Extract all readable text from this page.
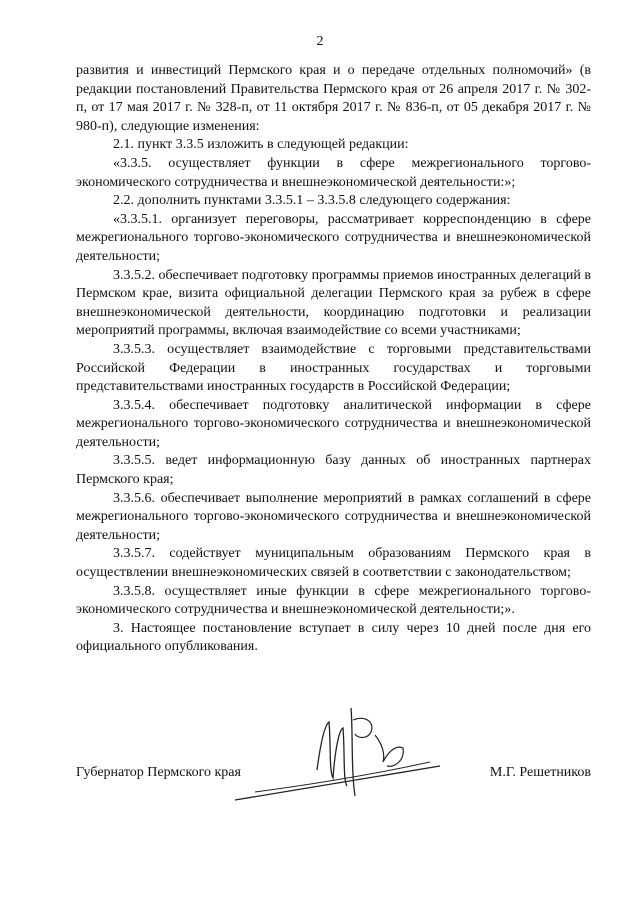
2

развития и инвестиций Пермского края и о передаче отдельных полномочий» (в редакции постановлений Правительства Пермского края от 26 апреля 2017 г. № 302-п, от 17 мая 2017 г. № 328-п, от 11 октября 2017 г. № 836-п, от 05 декабря 2017 г. № 980-п), следующие изменения:

2.1. пункт 3.3.5 изложить в следующей редакции:

«3.3.5. осуществляет функции в сфере межрегионального торгово-экономического сотрудничества и внешнеэкономической деятельности:»;

2.2. дополнить пунктами 3.3.5.1 – 3.3.5.8 следующего содержания:

«3.3.5.1. организует переговоры, рассматривает корреспонденцию в сфере межрегионального торгово-экономического сотрудничества и внешнеэкономической деятельности;

3.3.5.2. обеспечивает подготовку программы приемов иностранных делегаций в Пермском крае, визита официальной делегации Пермского края за рубеж в сфере внешнеэкономической деятельности, координацию подготовки и реализации мероприятий программы, включая взаимодействие со всеми участниками;

3.3.5.3. осуществляет взаимодействие с торговыми представительствами Российской Федерации в иностранных государствах и торговыми представительствами иностранных государств в Российской Федерации;

3.3.5.4. обеспечивает подготовку аналитической информации в сфере межрегионального торгово-экономического сотрудничества и внешнеэкономической деятельности;

3.3.5.5. ведет информационную базу данных об иностранных партнерах Пермского края;

3.3.5.6. обеспечивает выполнение мероприятий в рамках соглашений в сфере межрегионального торгово-экономического сотрудничества и внешнеэкономической деятельности;

3.3.5.7. содействует муниципальным образованиям Пермского края в осуществлении внешнеэкономических связей в соответствии с законодательством;

3.3.5.8. осуществляет иные функции в сфере межрегионального торгово-экономического сотрудничества и внешнеэкономической деятельности;».

3. Настоящее постановление вступает в силу через 10 дней после дня его официального опубликования.

Губернатор Пермского края	М.Г. Решетников
